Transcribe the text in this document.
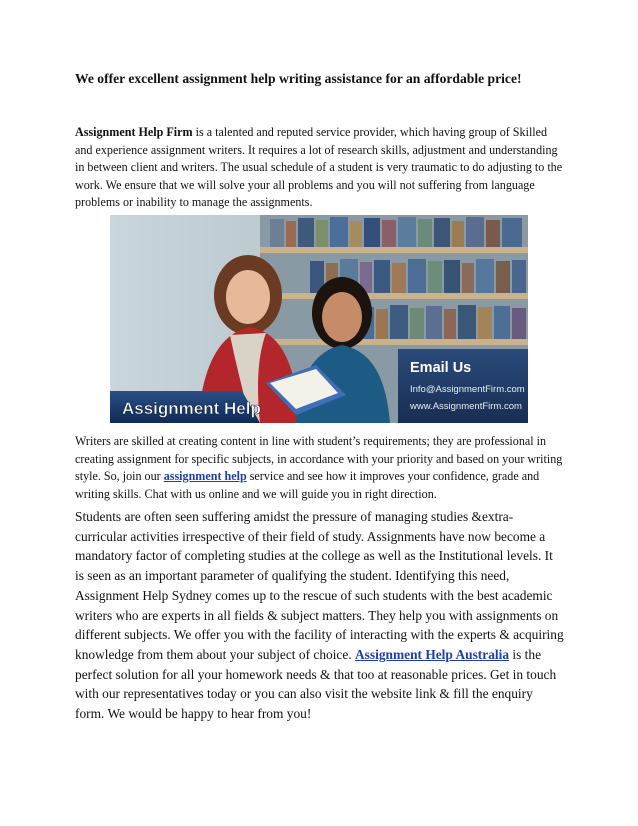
We offer excellent assignment help writing assistance for an affordable price!

Assignment Help Firm is a talented and reputed service provider, which having group of Skilled and experience assignment writers. It requires a lot of research skills, adjustment and understanding in between client and writers. The usual schedule of a student is very traumatic to do adjusting to the work. We ensure that we will solve your all problems and you will not suffering from language problems or inability to manage the assignments.

Email Us
Info@AssignmentFirm.com
www.AssignmentFirm.com
Assignment Help

Writers are skilled at creating content in line with student’s requirements; they are professional in creating assignment for specific subjects, in accordance with your priority and based on your writing style. So, join our assignment help service and see how it improves your confidence, grade and writing skills. Chat with us online and we will guide you in right direction.

Students are often seen suffering amidst the pressure of managing studies &extra-curricular activities irrespective of their field of study. Assignments have now become a mandatory factor of completing studies at the college as well as the Institutional levels. It is seen as an important parameter of qualifying the student. Identifying this need, Assignment Help Sydney comes up to the rescue of such students with the best academic writers who are experts in all fields & subject matters. They help you with assignments on different subjects. We offer you with the facility of interacting with the experts & acquiring knowledge from them about your subject of choice. Assignment Help Australia is the perfect solution for all your homework needs & that too at reasonable prices. Get in touch with our representatives today or you can also visit the website link & fill the enquiry form. We would be happy to hear from you!
